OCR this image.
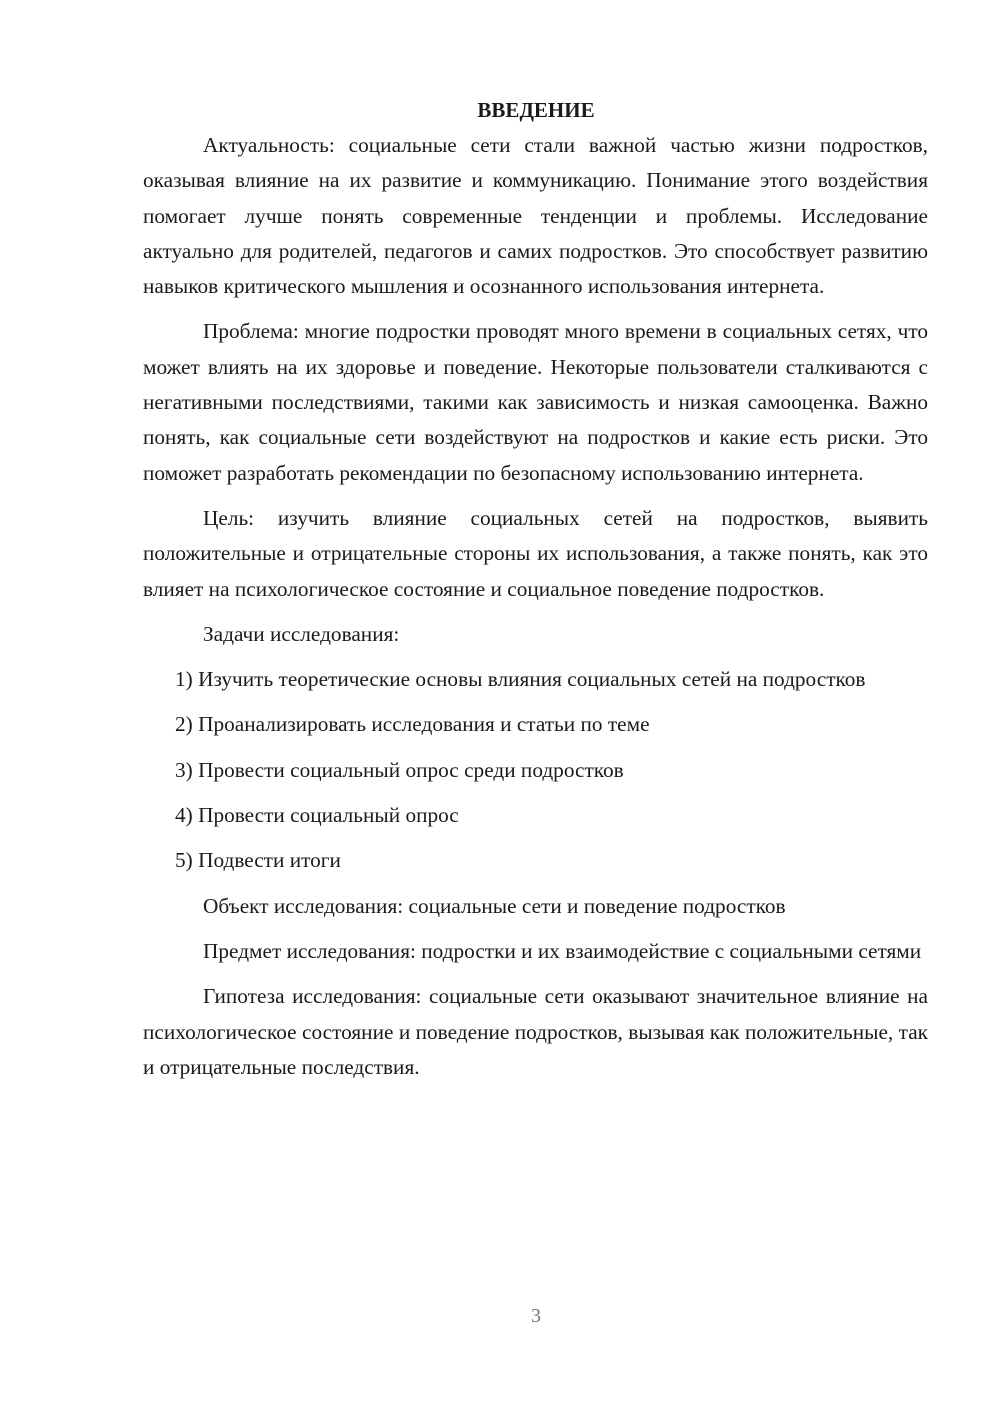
ВВЕДЕНИЕ

Актуальность: социальные сети стали важной частью жизни подростков, оказывая влияние на их развитие и коммуникацию. Понимание этого воздействия помогает лучше понять современные тенденции и проблемы. Исследование актуально для родителей, педагогов и самих подростков. Это способствует развитию навыков критического мышления и осознанного использования интернета.

Проблема: многие подростки проводят много времени в социальных сетях, что может влиять на их здоровье и поведение. Некоторые пользователи сталкиваются с негативными последствиями, такими как зависимость и низкая самооценка. Важно понять, как социальные сети воздействуют на подростков и какие есть риски. Это поможет разработать рекомендации по безопасному использованию интернета.

Цель: изучить влияние социальных сетей на подростков, выявить положительные и отрицательные стороны их использования, а также понять, как это влияет на психологическое состояние и социальное поведение подростков.

Задачи исследования:

1) Изучить теоретические основы влияния социальных сетей на подростков

2) Проанализировать исследования и статьи по теме

3) Провести социальный опрос среди подростков

4) Провести социальный опрос

5) Подвести итоги

Объект исследования: социальные сети и поведение подростков

Предмет исследования: подростки и их взаимодействие с социальными сетями

Гипотеза исследования: социальные сети оказывают значительное влияние на психологическое состояние и поведение подростков, вызывая как положительные, так и отрицательные последствия.

3
